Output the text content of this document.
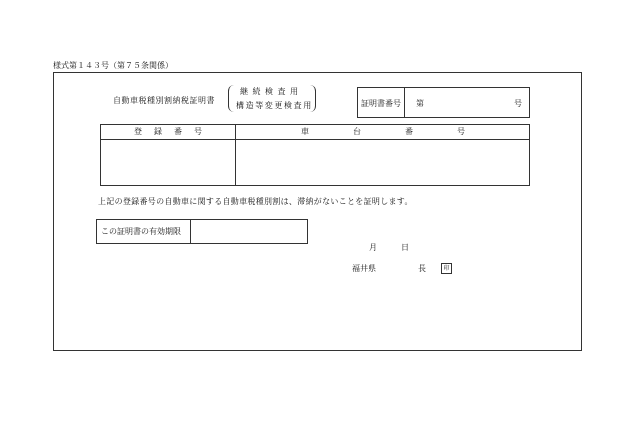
様式第１４３号（第７５条関係）
自動車税種別割納税証明書
継続検査用
構造等変更検査用	証明書番号 第	号
登録番号	車台番号
上記の登録番号の自動車に関する自動車税種別割は、滞納がないことを証明します。
この証明書の有効期限
月	日
福井県	長	印
